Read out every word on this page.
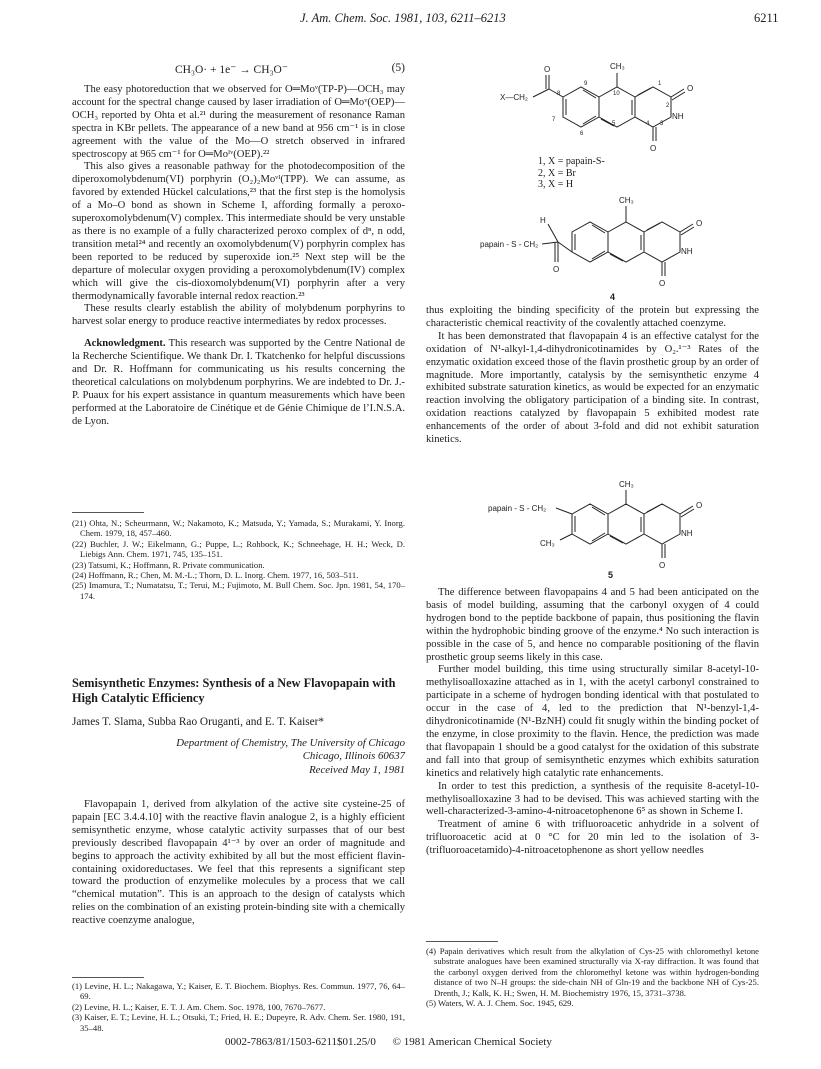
J. Am. Chem. Soc. 1981, 103, 6211–6213	6211
CH₃O· + 1e⁻ → CH₃O⁻	(5)

The easy photoreduction that we observed for O═Moᵛ(TP-P)—OCH₃ may account for the spectral change caused by laser irradiation of O═Moᵛ(OEP)—OCH₃ reported by Ohta et al.²¹ during the measurement of resonance Raman spectra in KBr pellets. The appearance of a new band at 956 cm⁻¹ is in close agreement with the value of the Mo—O stretch observed in infrared spectroscopy at 965 cm⁻¹ for O═Moᴵᵛ(OEP).²²

This also gives a reasonable pathway for the photodecomposition of the diperoxomolybdenum(VI) porphyrin (O₂)₂Moᵛᴵ(TPP). We can assume, as favored by extended Hückel calculations,²³ that the first step is the homolysis of a Mo–O bond as shown in Scheme I, affording formally a peroxo-superoxomolybdenum(V) complex. This intermediate should be very unstable as there is no example of a fully characterized peroxo complex of dⁿ, n odd, transition metal²⁴ and recently an oxomolybdenum(V) porphyrin complex has been reported to be reduced by superoxide ion.²⁵ Next step will be the departure of molecular oxygen providing a peroxomolybdenum(IV) complex which will give the cis-dioxomolybdenum(VI) porphyrin after a very thermodynamically favorable internal redox reaction.²³

These results clearly establish the ability of molybdenum porphyrins to harvest solar energy to produce reactive intermediates by redox processes.

Acknowledgment. This research was supported by the Centre National de la Recherche Scientifique. We thank Dr. I. Tkatchenko for helpful discussions and Dr. R. Hoffmann for communicating us his results concerning the theoretical calculations on molybdenum porphyrins. We are indebted to Dr. J.-P. Puaux for his expert assistance in quantum measurements which have been performed at the Laboratoire de Cinétique et de Génie Chimique de l’I.N.S.A. de Lyon.

(21) Ohta, N.; Scheurmann, W.; Nakamoto, K.; Matsuda, Y.; Yamada, S.; Murakami, Y. Inorg. Chem. 1979, 18, 457–460.

(22) Buchler, J. W.; Eikelmann, G.; Puppe, L.; Rohbock, K.; Schneehage, H. H.; Weck, D. Liebigs Ann. Chem. 1971, 745, 135–151.

(23) Tatsumi, K.; Hoffmann, R. Private communication.

(24) Hoffmann, R.; Chen, M. M.-L.; Thorn, D. L. Inorg. Chem. 1977, 16, 503–511.

(25) Imamura, T.; Numatatsu, T.; Terui, M.; Fujimoto, M. Bull Chem. Soc. Jpn. 1981, 54, 170–174.

Semisynthetic Enzymes: Synthesis of a New Flavopapain with High Catalytic Efficiency
James T. Slama, Subba Rao Oruganti, and E. T. Kaiser*
Department of Chemistry, The University of Chicago
Chicago, Illinois 60637
Received May 1, 1981

Flavopapain 1, derived from alkylation of the active site cysteine-25 of papain [EC 3.4.4.10] with the reactive flavin analogue 2, is a highly efficient semisynthetic enzyme, whose catalytic activity surpasses that of our best previously described flavopapain 4¹⁻³ by over an order of magnitude and begins to approach the activity exhibited by all but the most efficient flavin-containing oxidoreductases. We feel that this represents a significant step toward the production of enzymelike molecules by a process that we call “chemical mutation”. This is an approach to the design of catalysts which relies on the combination of an existing protein-binding site with a chemically reactive coenzyme analogue,

(1) Levine, H. L.; Nakagawa, Y.; Kaiser, E. T. Biochem. Biophys. Res. Commun. 1977, 76, 64–69.

(2) Levine, H. L.; Kaiser, E. T. J. Am. Chem. Soc. 1978, 100, 7670–7677.

(3) Kaiser, E. T.; Levine, H. L.; Otsuki, T.; Fried, H. E.; Dupeyre, R. Adv. Chem. Ser. 1980, 191, 35–48.

CH₃
X—CH₂
O
O
O
NH
9
10
1
2
3
4
5
6
7
8
1, X = papain-S-
2, X = Br
3, X = H
CH₃
H
papain - S - CH₂
O
O
O
NH
4

thus exploiting the binding specificity of the protein but expressing the characteristic chemical reactivity of the covalently attached coenzyme.

It has been demonstrated that flavopapain 4 is an effective catalyst for the oxidation of N¹-alkyl-1,4-dihydronicotinamides by O₂.¹⁻³ Rates of the enzymatic oxidation exceed those of the flavin prosthetic group by an order of magnitude. More importantly, catalysis by the semisynthetic enzyme 4 exhibited substrate saturation kinetics, as would be expected for an enzymatic reaction involving the obligatory participation of a binding site. In contrast, oxidation reactions catalyzed by flavopapain 5 exhibited modest rate enhancements of the order of about 3-fold and did not exhibit saturation kinetics.

CH₃
papain - S - CH₂
CH₃
O
O
NH
5

The difference between flavopapains 4 and 5 had been anticipated on the basis of model building, assuming that the carbonyl oxygen of 4 could hydrogen bond to the peptide backbone of papain, thus positioning the flavin within the hydrophobic binding groove of the enzyme.⁴ No such interaction is possible in the case of 5, and hence no comparable positioning of the flavin prosthetic group seems likely in this case.

Further model building, this time using structurally similar 8-acetyl-10-methylisoalloxazine attached as in 1, with the acetyl carbonyl constrained to participate in a scheme of hydrogen bonding identical with that postulated to occur in the case of 4, led to the prediction that N¹-benzyl-1,4-dihydronicotinamide (N¹-BzNH) could fit snugly within the binding pocket of the enzyme, in close proximity to the flavin. Hence, the prediction was made that flavopapain 1 should be a good catalyst for the oxidation of this substrate and fall into that group of semisynthetic enzymes which exhibits saturation kinetics and relatively high catalytic rate enhancements.

In order to test this prediction, a synthesis of the requisite 8-acetyl-10-methylisoalloxazine 3 had to be devised. This was achieved starting with the well-characterized-3-amino-4-nitroacetophenone 6⁵ as shown in Scheme I.

Treatment of amine 6 with trifluoroacetic anhydride in a solvent of trifluoroacetic acid at 0 °C for 20 min led to the isolation of 3-(trifluoroacetamido)-4-nitroacetophenone as short yellow needles

(4) Papain derivatives which result from the alkylation of Cys-25 with chloromethyl ketone substrate analogues have been examined structurally via X-ray diffraction. It was found that the carbonyl oxygen derived from the chloromethyl ketone was within hydrogen-bonding distance of two N–H groups: the side-chain NH of Gln-19 and the backbone NH of Cys-25. Drenth, J.; Kalk, K. H.; Swen, H. M. Biochemistry 1976, 15, 3731–3738.

(5) Waters, W. A. J. Chem. Soc. 1945, 629.

0002-7863/81/1503-6211$01.25/0 © 1981 American Chemical Society
